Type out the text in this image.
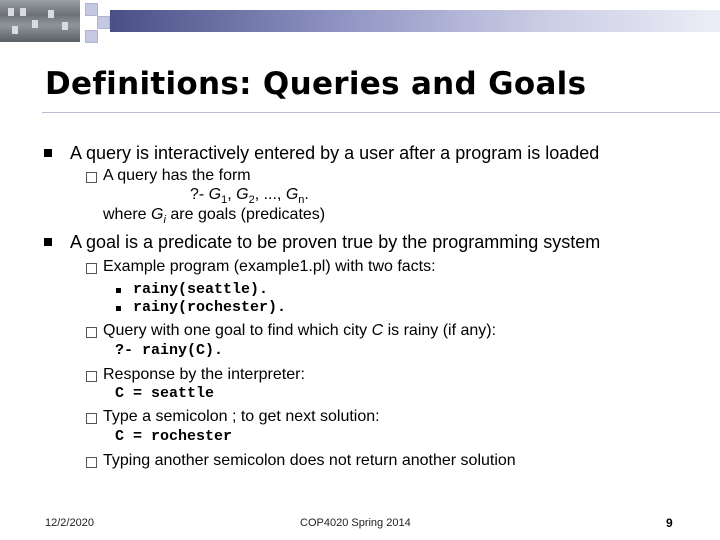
Definitions: Queries and Goals
A query is interactively entered by a user after a program is loaded
A query has the form
?- $G_1$, $G_2$, ..., $G_n$.
where $G_i$ are goals (predicates)
A goal is a predicate to be proven true by the programming system
Example program (example1.pl) with two facts:
rainy(seattle).
rainy(rochester).
Query with one goal to find which city C is rainy (if any):
?- rainy(C).
Response by the interpreter:
C = seattle
Type a semicolon ; to get next solution:
C = rochester
Typing another semicolon does not return another solution
12/2/2020	COP4020 Spring 2014	9
